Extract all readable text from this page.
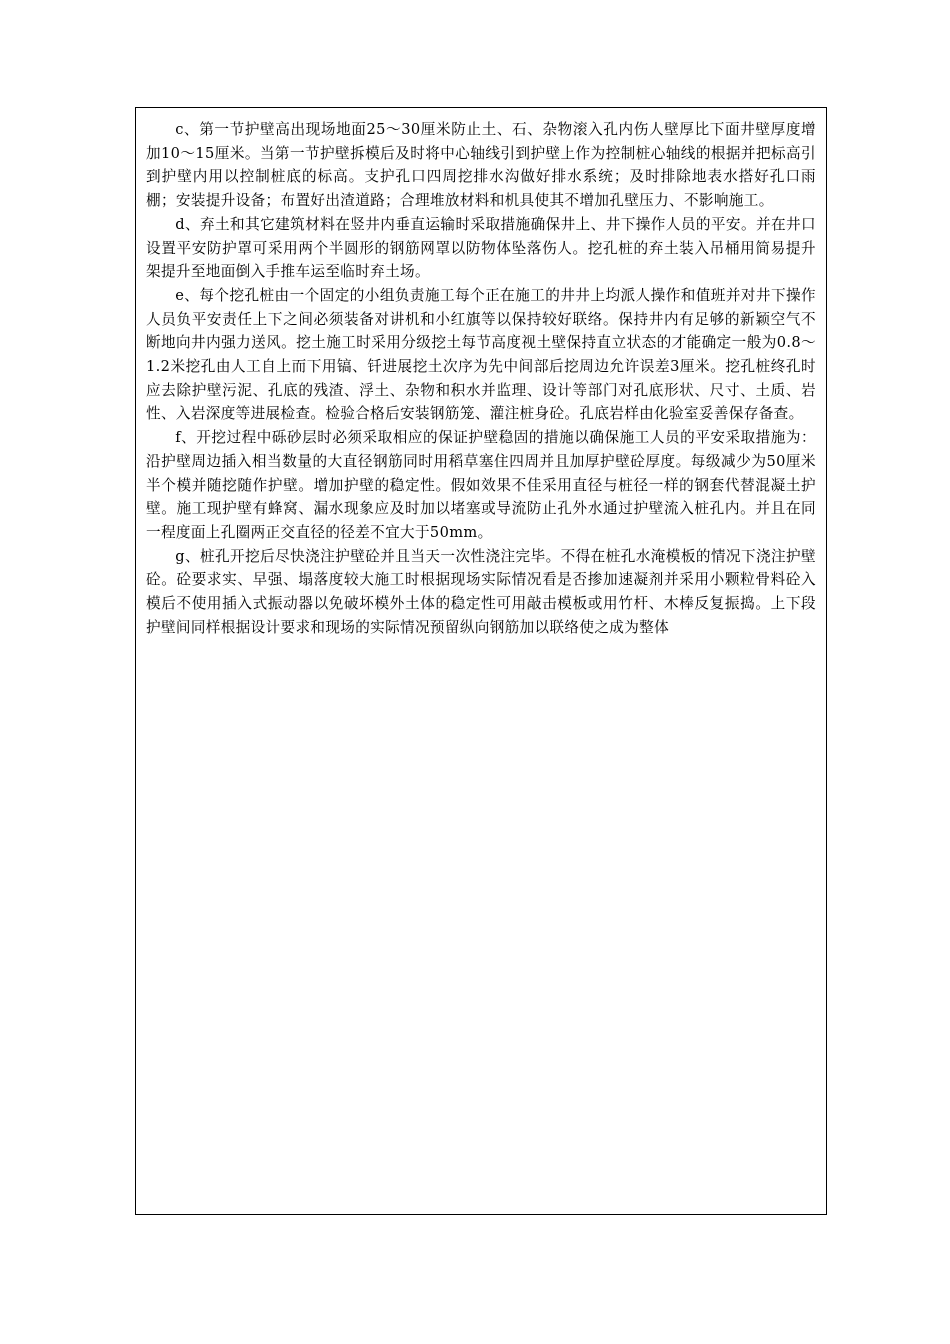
c、第一节护壁高出现场地面25～30厘米防止土、石、杂物滚入孔内伤人壁厚比下面井壁厚度增加10～15厘米。当第一节护壁拆模后及时将中心轴线引到护壁上作为控制桩心轴线的根据并把标高引到护壁内用以控制桩底的标高。支护孔口四周挖排水沟做好排水系统；及时排除地表水搭好孔口雨棚；安装提升设备；布置好出渣道路；合理堆放材料和机具使其不增加孔壁压力、不影响施工。

d、弃土和其它建筑材料在竖井内垂直运输时采取措施确保井上、井下操作人员的平安。并在井口设置平安防护罩可采用两个半圆形的钢筋网罩以防物体坠落伤人。挖孔桩的弃土装入吊桶用简易提升架提升至地面倒入手推车运至临时弃土场。

e、每个挖孔桩由一个固定的小组负责施工每个正在施工的井井上均派人操作和值班并对井下操作人员负平安责任上下之间必须装备对讲机和小红旗等以保持较好联络。保持井内有足够的新颖空气不断地向井内强力送风。挖土施工时采用分级挖土每节高度视土壁保持直立状态的才能确定一般为0.8～1.2米挖孔由人工自上而下用镐、钎进展挖土次序为先中间部后挖周边允许误差3厘米。挖孔桩终孔时应去除护壁污泥、孔底的残渣、浮土、杂物和积水并监理、设计等部门对孔底形状、尺寸、土质、岩性、入岩深度等进展检查。检验合格后安装钢筋笼、灌注桩身砼。孔底岩样由化验室妥善保存备查。

f、开挖过程中砾砂层时必须采取相应的保证护壁稳固的措施以确保施工人员的平安采取措施为：沿护壁周边插入相当数量的大直径钢筋同时用稻草塞住四周并且加厚护壁砼厚度。每级减少为50厘米半个模并随挖随作护壁。增加护壁的稳定性。假如效果不佳采用直径与桩径一样的钢套代替混凝土护壁。施工现护壁有蜂窝、漏水现象应及时加以堵塞或导流防止孔外水通过护壁流入桩孔内。并且在同一程度面上孔圈两正交直径的径差不宜大于50mm。

g、桩孔开挖后尽快浇注护壁砼并且当天一次性浇注完毕。不得在桩孔水淹模板的情况下浇注护壁砼。砼要求实、早强、塌落度较大施工时根据现场实际情况看是否掺加速凝剂并采用小颗粒骨料砼入模后不使用插入式振动器以免破坏模外土体的稳定性可用敲击模板或用竹杆、木棒反复振捣。上下段护壁间同样根据设计要求和现场的实际情况预留纵向钢筋加以联络使之成为整体
